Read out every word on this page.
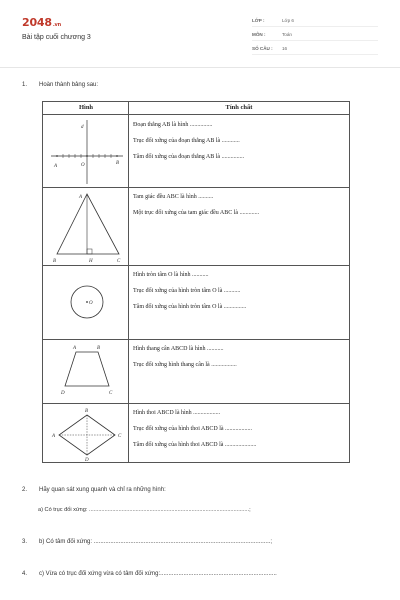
2048.vn
Bài tập cuối chương 3
LỚP :	Lớp 6
MÔN :	Toán
SỐ CÂU : 16
1. Hoàn thành bảng sau:
Hình	Tính chất
A	O	B
d	Đoạn thẳng AB là hình ...............
Trục đối xứng của đoạn thẳng AB là ............
Tâm đối xứng của đoạn thẳng AB là ...............
A
B	H	C
Tam giác đều ABC là hình ..........
Một trục đối xứng của tam giác đều ABC là .............
O
Hình tròn tâm O là hình ...........
Trục đối xứng của hình tròn tâm O là ...........
Tâm đối xứng của hình tròn tâm O là ...............
A	B
D	C
Hình thang cân ABCD là hình ...........
Trục đối xứng hình thang cân là .................
B
A	C
D
Hình thoi ABCD là hình ..................
Trục đối xứng của hình thoi ABCD là ..................
Tâm đối xứng của hình thoi ABCD là .....................
2. Hãy quan sát xung quanh và chỉ ra những hình:
a) Có trục đối xứng: .......................................................................................................;
3. b) Có tâm đối xứng: ..........................................................................................................;
4. c) Vừa có trục đối xứng vừa có tâm đối xứng:......................................................................
